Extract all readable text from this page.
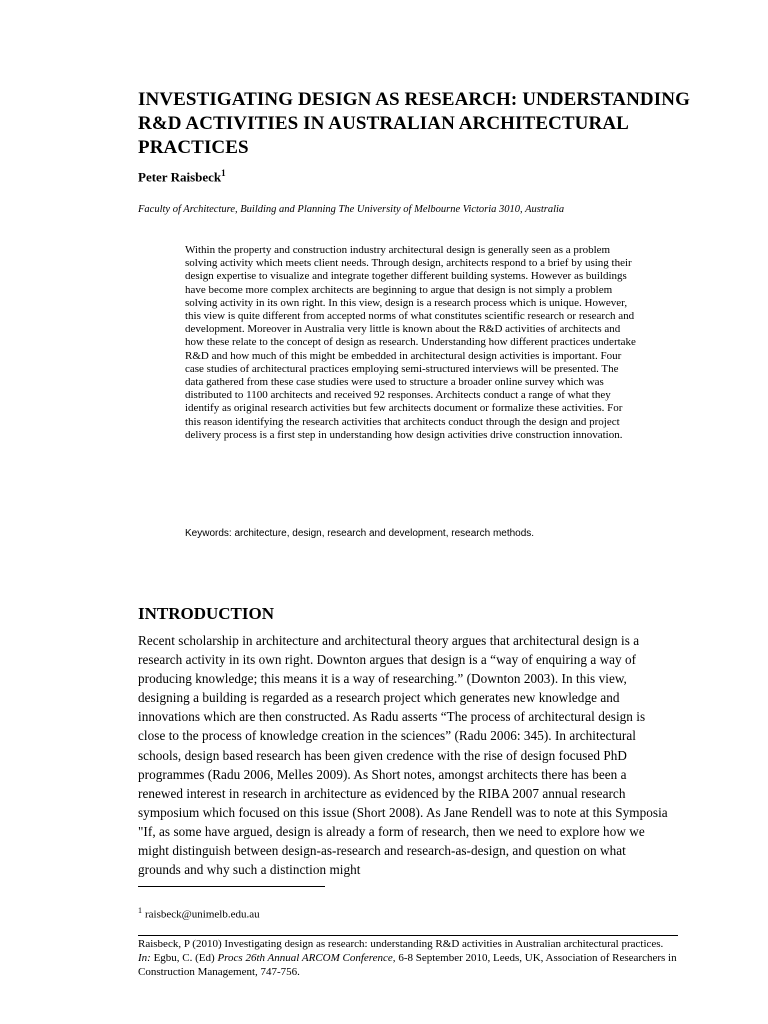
INVESTIGATING DESIGN AS RESEARCH: UNDERSTANDING R&D ACTIVITIES IN AUSTRALIAN ARCHITECTURAL PRACTICES
Peter Raisbeck$^1$
Faculty of Architecture, Building and Planning The University of Melbourne Victoria 3010, Australia

Within the property and construction industry architectural design is generally seen as a problem solving activity which meets client needs. Through design, architects respond to a brief by using their design expertise to visualize and integrate together different building systems. However as buildings have become more complex architects are beginning to argue that design is not simply a problem solving activity in its own right. In this view, design is a research process which is unique. However, this view is quite different from accepted norms of what constitutes scientific research or research and development. Moreover in Australia very little is known about the R&D activities of architects and how these relate to the concept of design as research. Understanding how different practices undertake R&D and how much of this might be embedded in architectural design activities is important. Four case studies of architectural practices employing semi-structured interviews will be presented. The data gathered from these case studies were used to structure a broader online survey which was distributed to 1100 architects and received 92 responses. Architects conduct a range of what they identify as original research activities but few architects document or formalize these activities. For this reason identifying the research activities that architects conduct through the design and project delivery process is a first step in understanding how design activities drive construction innovation.

Keywords: architecture, design, research and development, research methods.
INTRODUCTION

Recent scholarship in architecture and architectural theory argues that architectural design is a research activity in its own right. Downton argues that design is a “way of enquiring a way of producing knowledge; this means it is a way of researching.” (Downton 2003). In this view, designing a building is regarded as a research project which generates new knowledge and innovations which are then constructed. As Radu asserts “The process of architectural design is close to the process of knowledge creation in the sciences” (Radu 2006: 345). In architectural schools, design based research has been given credence with the rise of design focused PhD programmes (Radu 2006, Melles 2009). As Short notes, amongst architects there has been a renewed interest in research in architecture as evidenced by the RIBA 2007 annual research symposium which focused on this issue (Short 2008). As Jane Rendell was to note at this Symposia "If, as some have argued, design is already a form of research, then we need to explore how we might distinguish between design-as-research and research-as-design, and question on what grounds and why such a distinction might

$^1$ raisbeck@unimelb.edu.au

Raisbeck, P (2010) Investigating design as research: understanding R&D activities in Australian architectural practices. In: Egbu, C. (Ed) Procs 26th Annual ARCOM Conference, 6-8 September 2010, Leeds, UK, Association of Researchers in Construction Management, 747-756.
